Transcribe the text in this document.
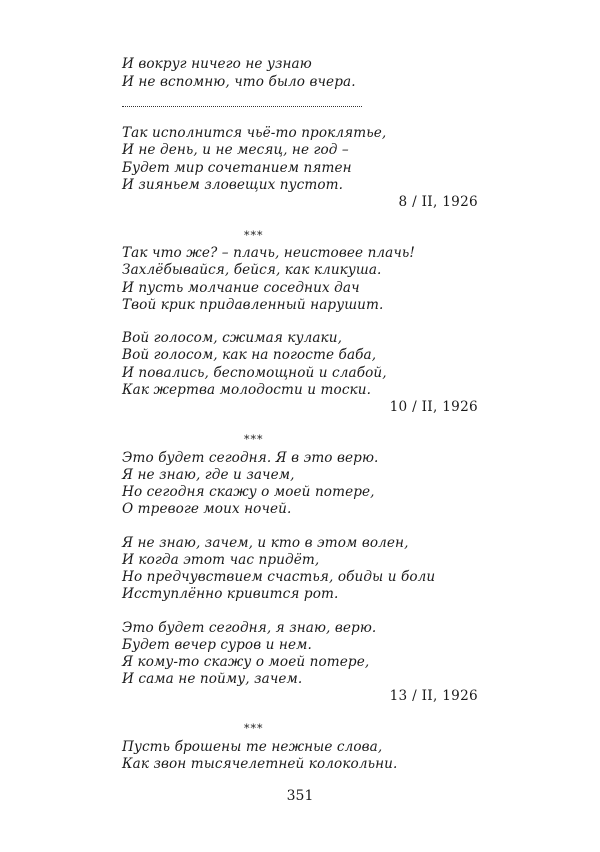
И вокруг ничего не узнаю
И не вспомню, что было вчера.
Так исполнится чьё-то проклятье,
И не день, и не месяц, не год –
Будет мир сочетанием пятен
И зияньем зловещих пустот.
8 / II, 1926
***
Так что же? – плачь, неистовее плачь!
Захлёбывайся, бейся, как кликуша.
И пусть молчание соседних дач
Твой крик придавленный нарушит.
Вой голосом, сжимая кулаки,
Вой голосом, как на погосте баба,
И повались, беспомощной и слабой,
Как жертва молодости и тоски.
10 / II, 1926
***
Это будет сегодня. Я в это верю.
Я не знаю, где и зачем,
Но сегодня скажу о моей потере,
О тревоге моих ночей.
Я не знаю, зачем, и кто в этом волен,
И когда этот час придёт,
Но предчувствием счастья, обиды и боли
Исступлённо кривится рот.
Это будет сегодня, я знаю, верю.
Будет вечер суров и нем.
Я кому-то скажу о моей потере,
И сама не пойму, зачем.
13 / II, 1926
***
Пусть брошены те нежные слова,
Как звон тысячелетней колокольни.
351
